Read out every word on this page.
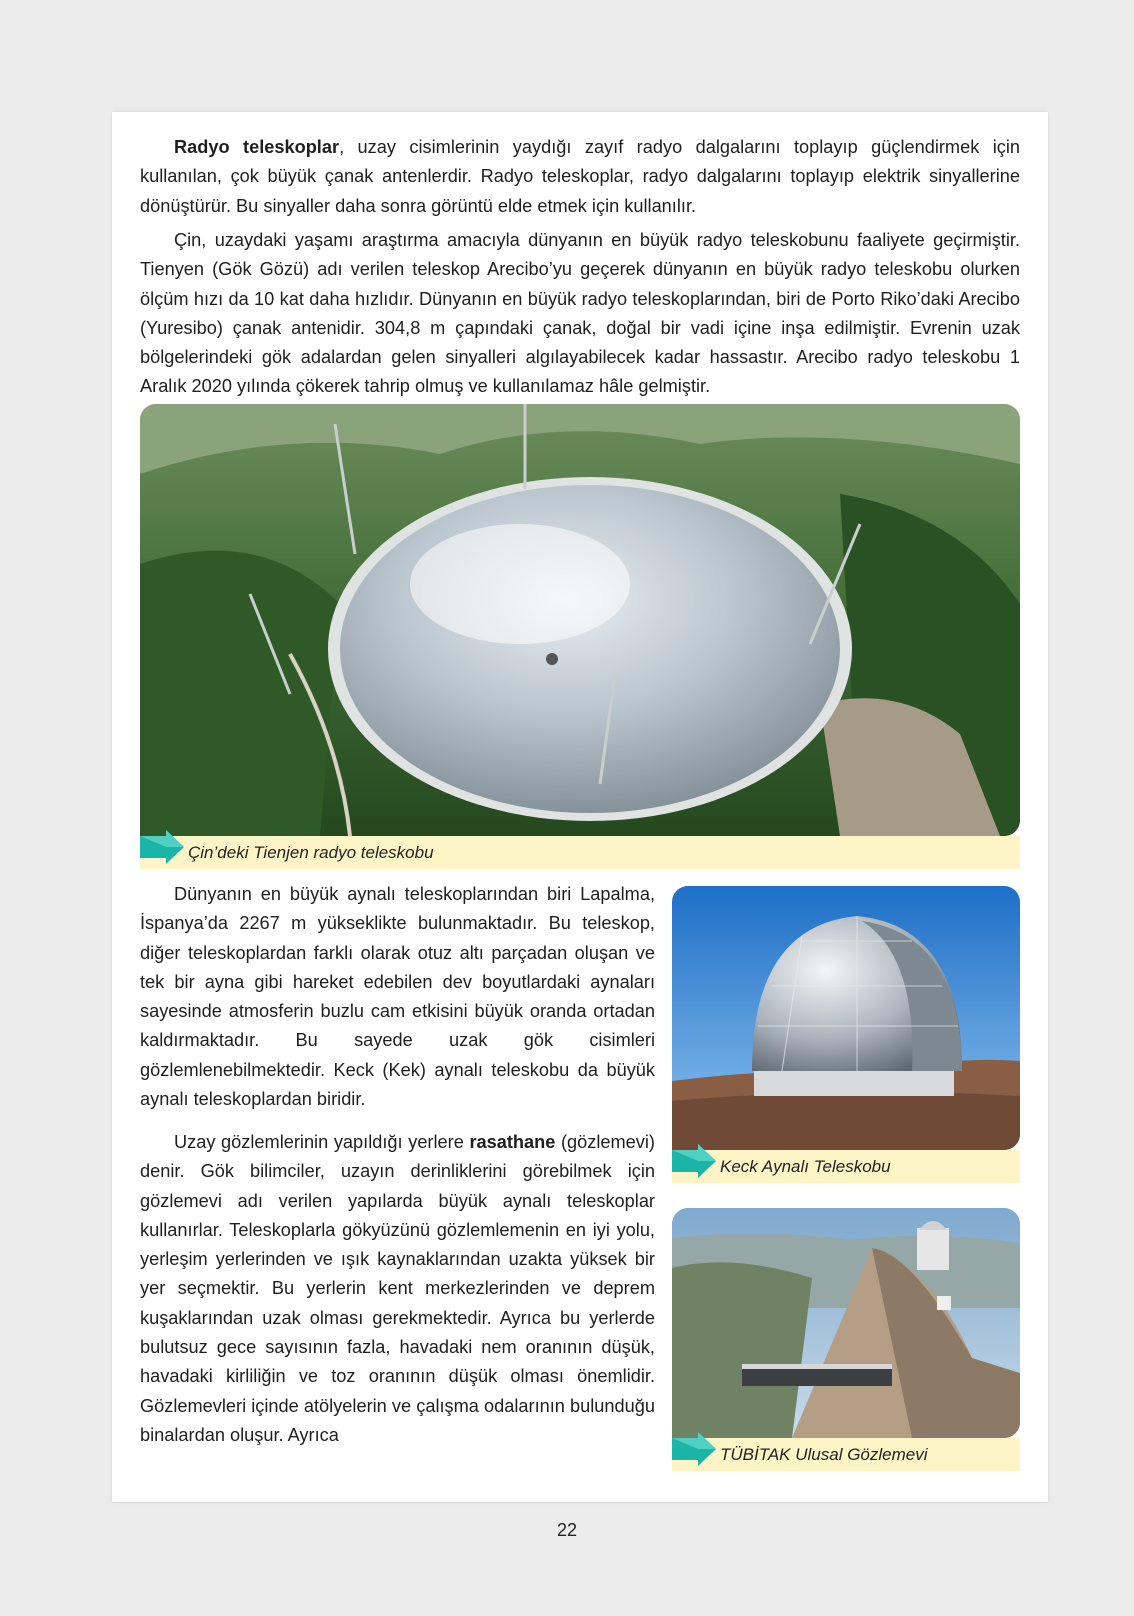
Radyo teleskoplar, uzay cisimlerinin yaydığı zayıf radyo dalgalarını toplayıp güçlendirmek için kullanılan, çok büyük çanak antenlerdir. Radyo teleskoplar, radyo dalgalarını toplayıp elektrik sinyallerine dönüştürür. Bu sinyaller daha sonra görüntü elde etmek için kullanılır.

Çin, uzaydaki yaşamı araştırma amacıyla dünyanın en büyük radyo teleskobunu faaliyete geçirmiştir. Tienyen (Gök Gözü) adı verilen teleskop Arecibo’yu geçerek dünyanın en büyük radyo teleskobu olurken ölçüm hızı da 10 kat daha hızlıdır. Dünyanın en büyük radyo teleskoplarından, biri de Porto Riko’daki Arecibo (Yuresibo) çanak antenidir. 304,8 m çapındaki çanak, doğal bir vadi içine inşa edilmiştir. Evrenin uzak bölgelerindeki gök adalardan gelen sinyalleri algılayabilecek kadar hassastır. Arecibo radyo teleskobu 1 Aralık 2020 yılında çökerek tahrip olmuş ve kullanılamaz hâle gelmiştir.

Çin’deki Tienjen radyo teleskobu

Dünyanın en büyük aynalı teleskoplarından biri Lapalma, İspanya’da 2267 m yükseklikte bulunmaktadır. Bu teleskop, diğer teleskoplardan farklı olarak otuz altı parçadan oluşan ve tek bir ayna gibi hareket edebilen dev boyutlardaki aynaları sayesinde atmosferin buzlu cam etkisini büyük oranda ortadan kaldırmaktadır. Bu sayede uzak gök cisimleri gözlemlenebilmektedir. Keck (Kek) aynalı teleskobu da büyük aynalı teleskoplardan biridir.

Uzay gözlemlerinin yapıldığı yerlere rasathane (gözlemevi) denir. Gök bilimciler, uzayın derinliklerini görebilmek için gözlemevi adı verilen yapılarda büyük aynalı teleskoplar kullanırlar. Teleskoplarla gökyüzünü gözlemlemenin en iyi yolu, yerleşim yerlerinden ve ışık kaynaklarından uzakta yüksek bir yer seçmektir. Bu yerlerin kent merkezlerinden ve deprem kuşaklarından uzak olması gerekmektedir. Ayrıca bu yerlerde bulutsuz gece sayısının fazla, havadaki nem oranının düşük, havadaki kirliliğin ve toz oranının düşük olması önemlidir. Gözlemevleri içinde atölyelerin ve çalışma odalarının bulunduğu binalardan oluşur. Ayrıca

Keck Aynalı Teleskobu
TÜBİTAK Ulusal Gözlemevi
22
